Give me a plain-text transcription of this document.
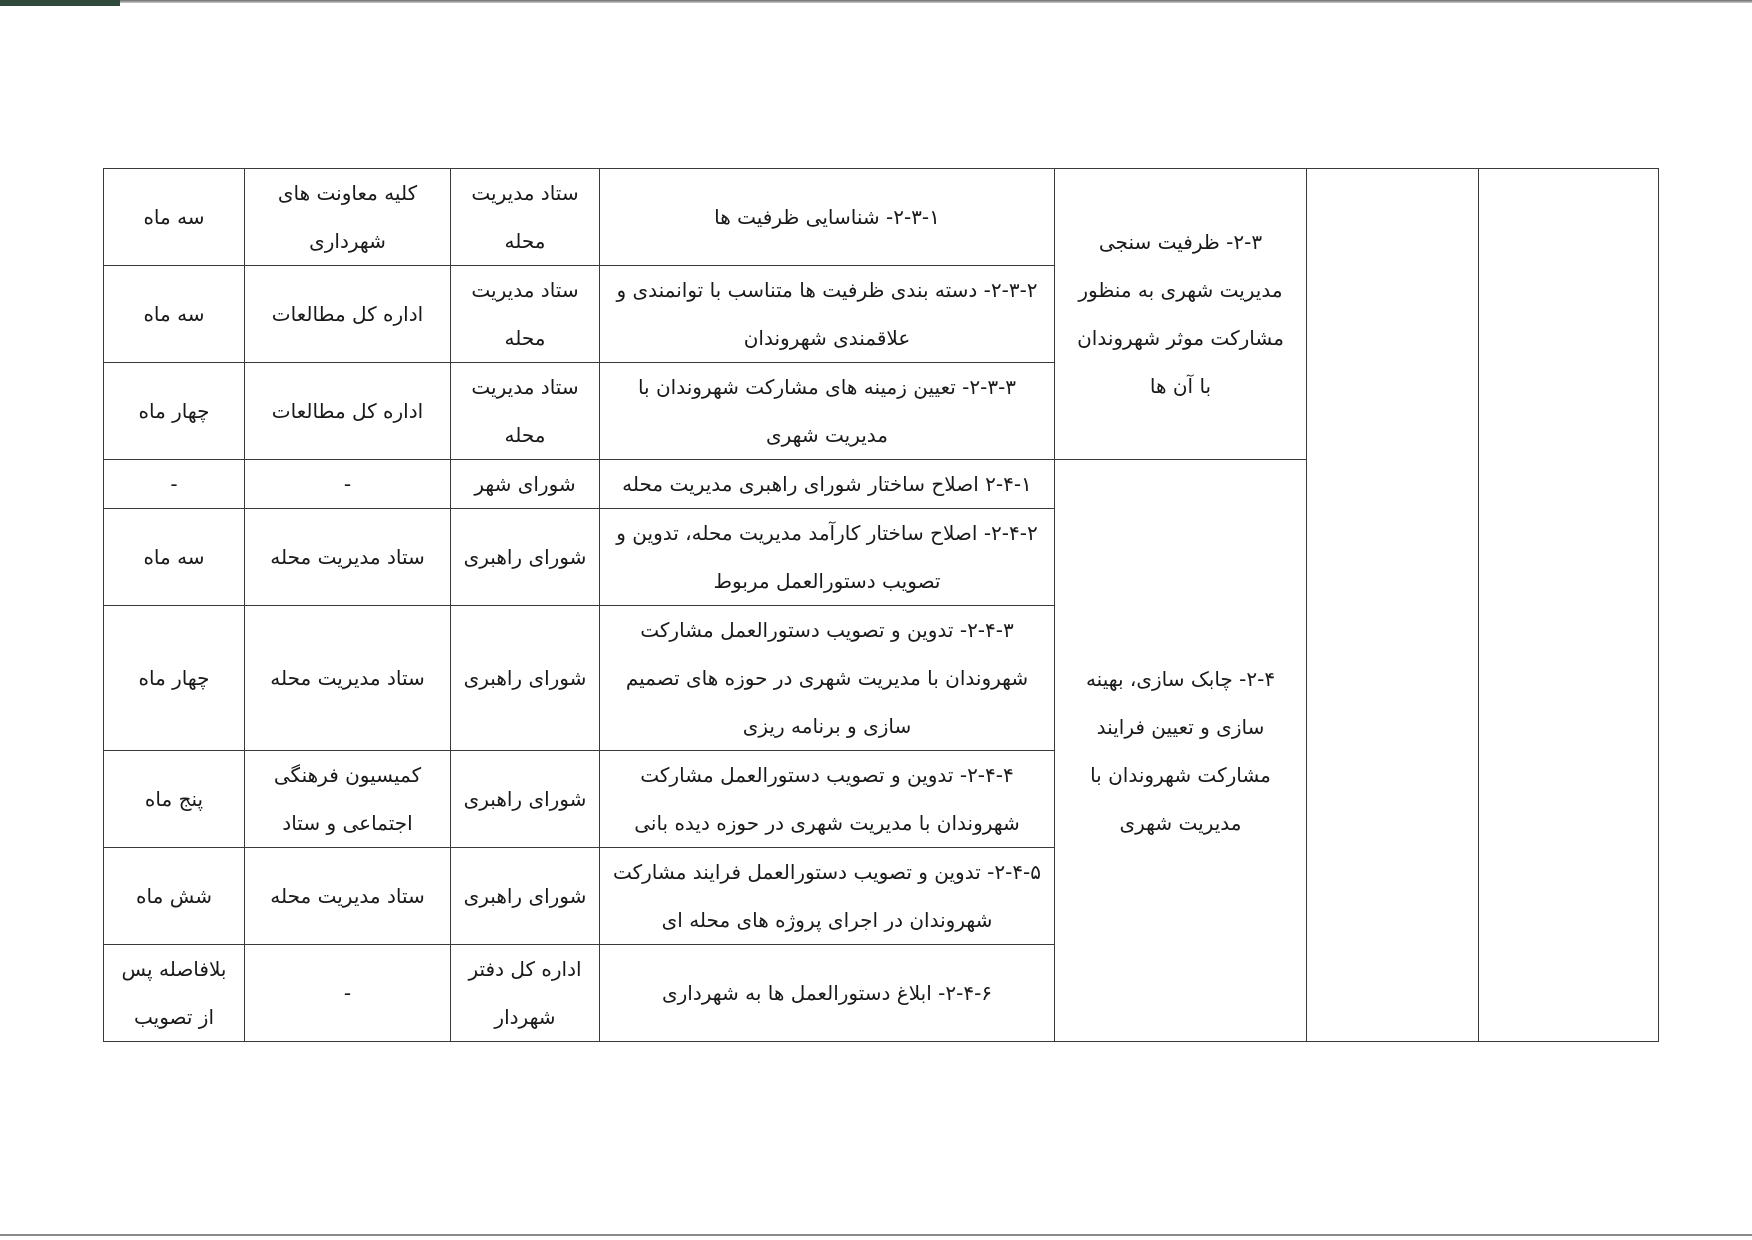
		۲-۳- ظرفیت سنجی مدیریت شهری به منظور مشارکت موثر شهروندان با آن ها	۲-۳-۱- شناسایی ظرفیت ها	ستاد مدیریت محله	کلیه معاونت های شهرداری	سه ماه

			۲-۳-۲- دسته بندی ظرفیت ها متناسب با توانمندی و علاقمندی شهروندان	ستاد مدیریت محله	اداره کل مطالعات	سه ماه

			۲-۳-۳- تعیین زمینه های مشارکت شهروندان با مدیریت شهری	ستاد مدیریت محله	اداره کل مطالعات	چهار ماه

		۲-۴- چابک سازی، بهینه سازی و تعیین فرایند مشارکت شهروندان با مدیریت شهری	۲-۴-۱ اصلاح ساختار شورای راهبری مدیریت محله	شورای شهر	-	-

			۲-۴-۲- اصلاح ساختار کارآمد مدیریت محله، تدوین و تصویب دستورالعمل مربوط	شورای راهبری	ستاد مدیریت محله	سه ماه

			۲-۴-۳- تدوین و تصویب دستورالعمل مشارکت شهروندان با مدیریت شهری در حوزه های تصمیم سازی و برنامه ریزی	شورای راهبری	ستاد مدیریت محله	چهار ماه

			۲-۴-۴- تدوین و تصویب دستورالعمل مشارکت شهروندان با مدیریت شهری در حوزه دیده بانی	شورای راهبری	کمیسیون فرهنگی اجتماعی و ستاد	پنج ماه

			۲-۴-۵- تدوین و تصویب دستورالعمل فرایند مشارکت شهروندان در اجرای پروژه های محله ای	شورای راهبری	ستاد مدیریت محله	شش ماه

			۲-۴-۶- ابلاغ دستورالعمل ها به شهرداری	اداره کل دفتر شهردار	-	بلافاصله پس از تصویب
